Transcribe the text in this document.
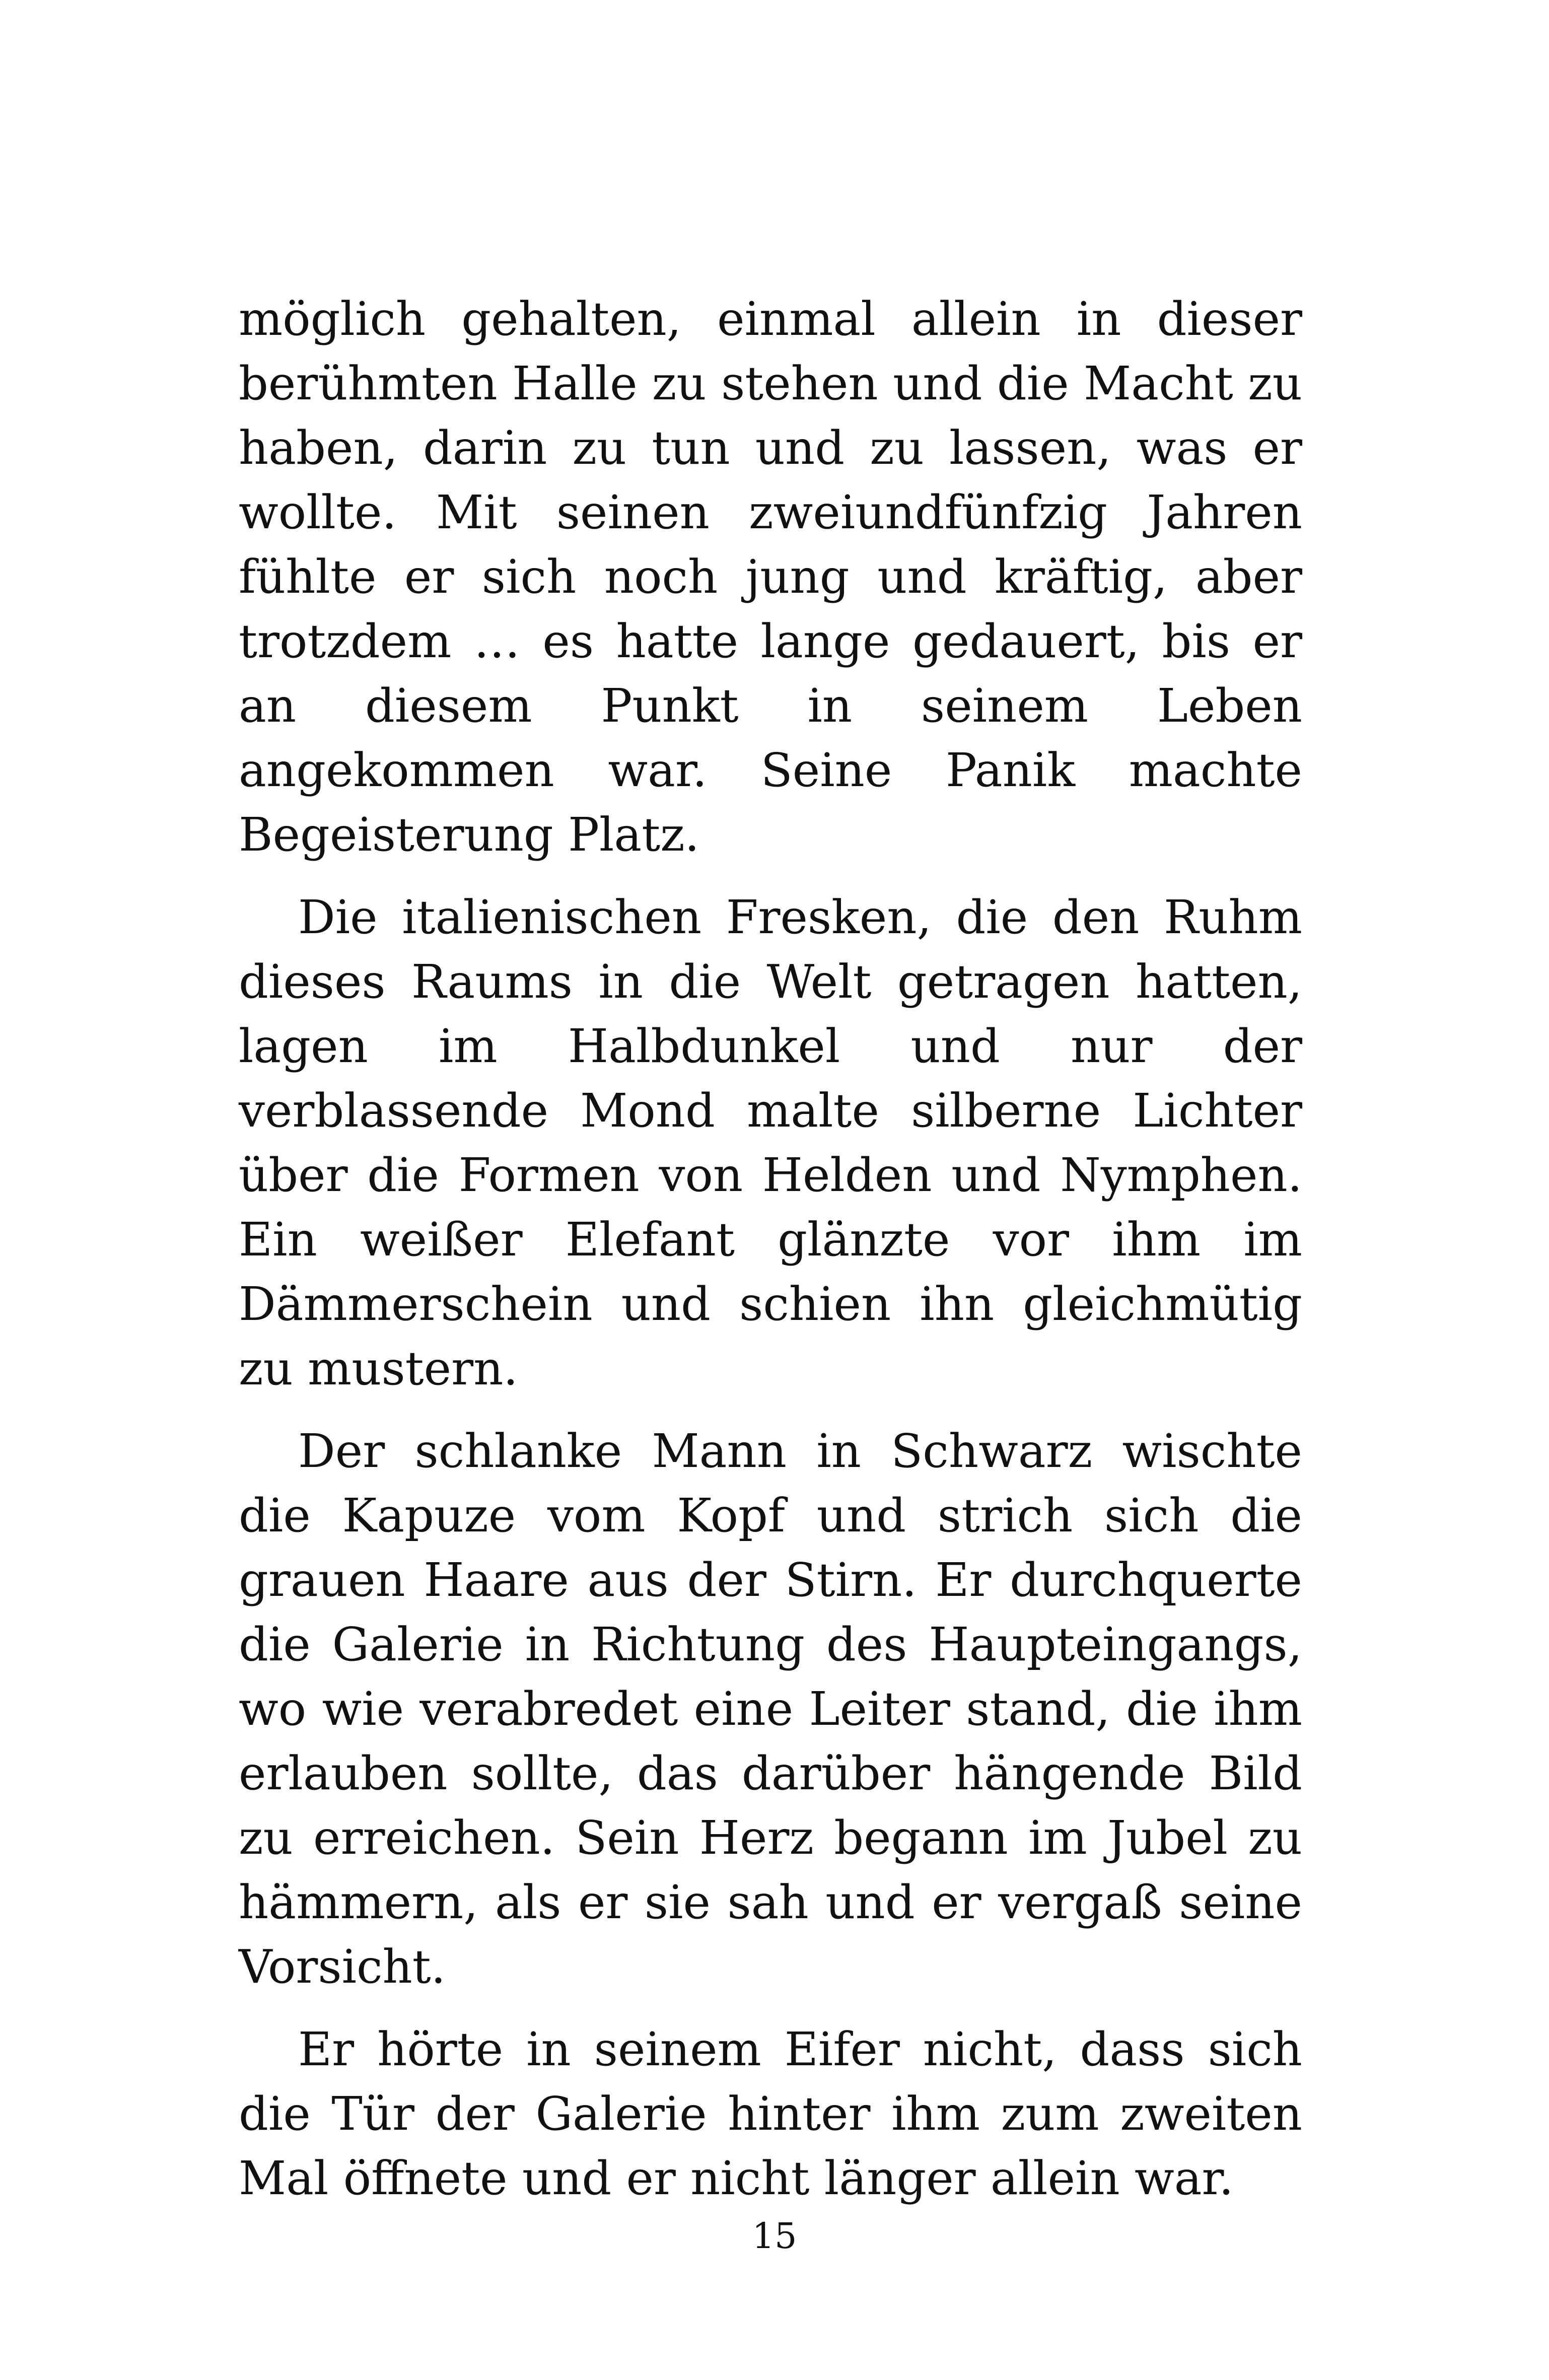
möglich gehalten, einmal allein in dieser berühmten Halle zu stehen und die Macht zu haben, darin zu tun und zu lassen, was er wollte. Mit seinen zweiundfünfzig Jahren fühlte er sich noch jung und kräftig, aber trotzdem … es hatte lange gedauert, bis er an diesem Punkt in seinem Leben angekommen war. Seine Panik machte Begeisterung Platz.

Die italienischen Fresken, die den Ruhm dieses Raums in die Welt getragen hatten, lagen im Halbdunkel und nur der verblassende Mond malte silberne Lichter über die Formen von Helden und Nymphen. Ein weißer Elefant glänzte vor ihm im Dämmerschein und schien ihn gleichmütig zu mustern.

Der schlanke Mann in Schwarz wischte die Kapuze vom Kopf und strich sich die grauen Haare aus der Stirn. Er durchquerte die Galerie in Richtung des Haupteingangs, wo wie verabredet eine Leiter stand, die ihm erlauben sollte, das darüber hängende Bild zu erreichen. Sein Herz begann im Jubel zu hämmern, als er sie sah und er vergaß seine Vorsicht.

Er hörte in seinem Eifer nicht, dass sich die Tür der Galerie hinter ihm zum zweiten Mal öffnete und er nicht länger allein war.

15
